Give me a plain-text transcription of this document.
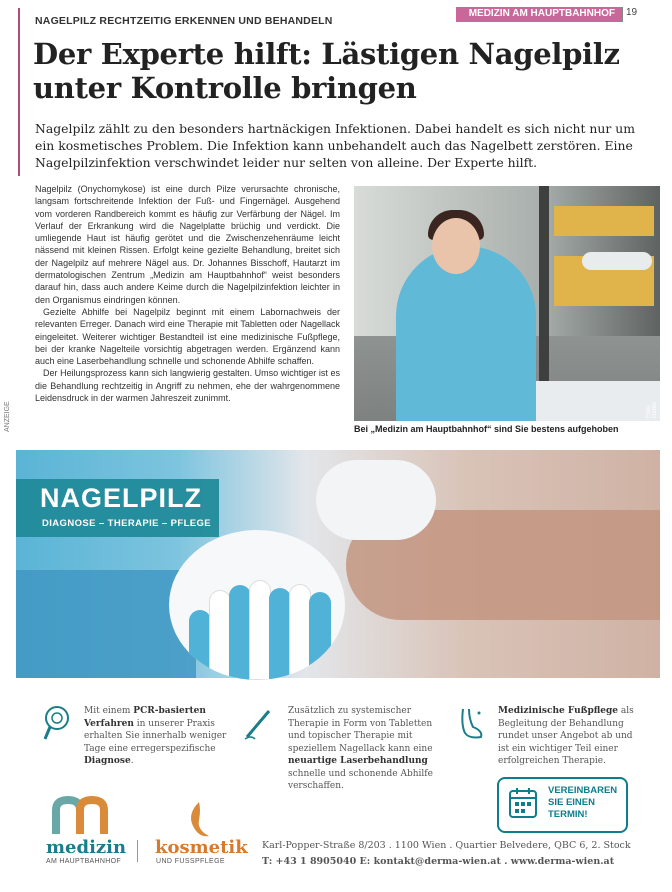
NAGELPILZ RECHTZEITIG ERKENNEN UND BEHANDELN
MEDIZIN AM HAUPTBAHNHOF	19
Der Experte hilft: Lästigen Nagelpilz unter Kontrolle bringen

Nagelpilz zählt zu den besonders hartnäckigen Infektionen. Dabei handelt es sich nicht nur um ein kosmetisches Problem. Die Infektion kann unbehandelt auch das Nagelbett zerstören. Eine Nagelpilzinfektion verschwindet leider nur selten von alleine. Der Experte hilft.

Nagelpilz (Onychomykose) ist eine durch Pilze verursachte chronische, langsam fortschreitende Infektion der Fuß- und Fingernägel. Ausgehend vom vorderen Randbereich kommt es häufig zur Verfärbung der Nägel. Im Verlauf der Erkrankung wird die Nagelplatte brüchig und verdickt. Die umliegende Haut ist häufig gerötet und die Zwischenzehenräume leicht nässend mit kleinen Rissen. Erfolgt keine gezielte Behandlung, breitet sich der Nagelpilz auf mehrere Nägel aus. Dr. Johannes Bisschoff, Hautarzt im dermatologischen Zentrum „Medizin am Hauptbahnhof“ weist besonders darauf hin, dass auch andere Keime durch die Nagelpilzinfektion leichter in den Organismus eindringen können.

Gezielte Abhilfe bei Nagelpilz beginnt mit einem Labornachweis der relevanten Erreger. Danach wird eine Therapie mit Tabletten oder Nagellack eingeleitet. Weiterer wichtiger Bestandteil ist eine medizinische Fußpflege, bei der kranke Nagelteile vorsichtig abgetragen werden. Ergänzend kann auch eine Laserbehandlung schnelle und schonende Abhilfe schaffen.

Der Heilungsprozess kann sich langwierig gestalten. Umso wichtiger ist es die Behandlung rechtzeitig in Angriff zu nehmen, ehe der wahrgenommene Leidensdruck in der warmen Jahreszeit zunimmt.

ANZEIGE	Foto: Detter
Bei „Medizin am Hauptbahnhof“ sind Sie bestens aufgehoben
NAGELPILZ
DIAGNOSE – THERAPIE – PFLEGE
Mit einem PCR-basierten Verfahren in unserer Praxis erhalten Sie innerhalb weniger Tage eine erregerspezifische Diagnose.
Zusätzlich zu systemischer Therapie in Form von Tabletten und topischer Therapie mit speziellem Nagellack kann eine neuartige Laserbehandlung schnelle und schonende Abhilfe verschaffen.
Medizinische Fußpflege als Begleitung der Behandlung rundet unser Angebot ab und ist ein wichtiger Teil einer erfolgreichen Therapie.
VEREINBAREN
SIE EINEN
TERMIN!
medizin
AM HAUPTBAHNHOF
kosmetik
UND FUSSPFLEGE
Karl-Popper-Straße 8/203 . 1100 Wien . Quartier Belvedere, QBC 6, 2. Stock
T: +43 1 8905040 E: kontakt@derma-wien.at . www.derma-wien.at
